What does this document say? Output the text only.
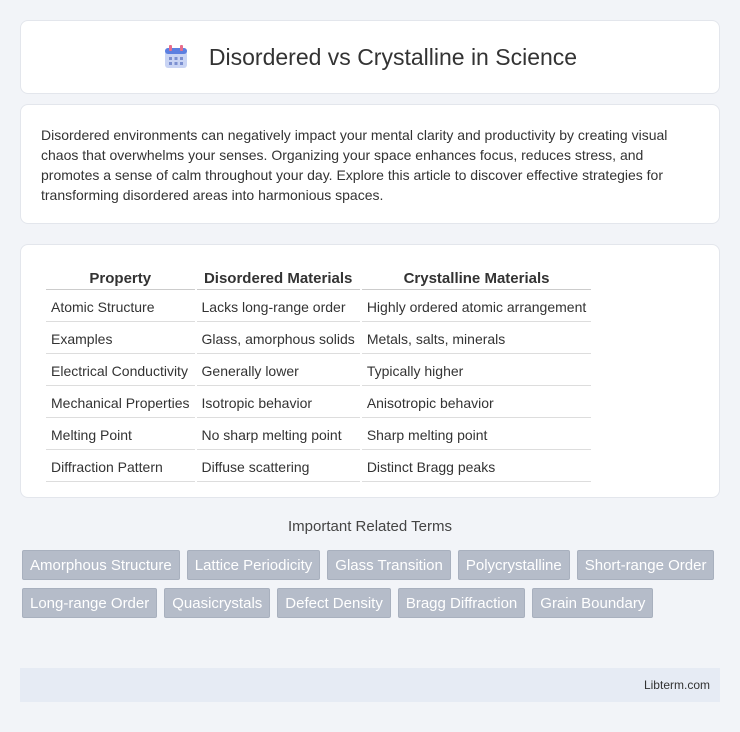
Disordered vs Crystalline in Science

Disordered environments can negatively impact your mental clarity and productivity by creating visual chaos that overwhelms your senses. Organizing your space enhances focus, reduces stress, and promotes a sense of calm throughout your day. Explore this article to discover effective strategies for transforming disordered areas into harmonious spaces.

Property	Disordered Materials	Crystalline Materials
Atomic Structure	Lacks long-range order	Highly ordered atomic arrangement
Examples	Glass, amorphous solids	Metals, salts, minerals
Electrical Conductivity	Generally lower	Typically higher
Mechanical Properties	Isotropic behavior	Anisotropic behavior
Melting Point	No sharp melting point	Sharp melting point
Diffraction Pattern	Diffuse scattering	Distinct Bragg peaks
Important Related Terms
Amorphous Structure	Lattice Periodicity	Glass Transition	Polycrystalline	Short-range Order
Long-range Order	Quasicrystals	Defect Density	Bragg Diffraction	Grain Boundary
Libterm.com
